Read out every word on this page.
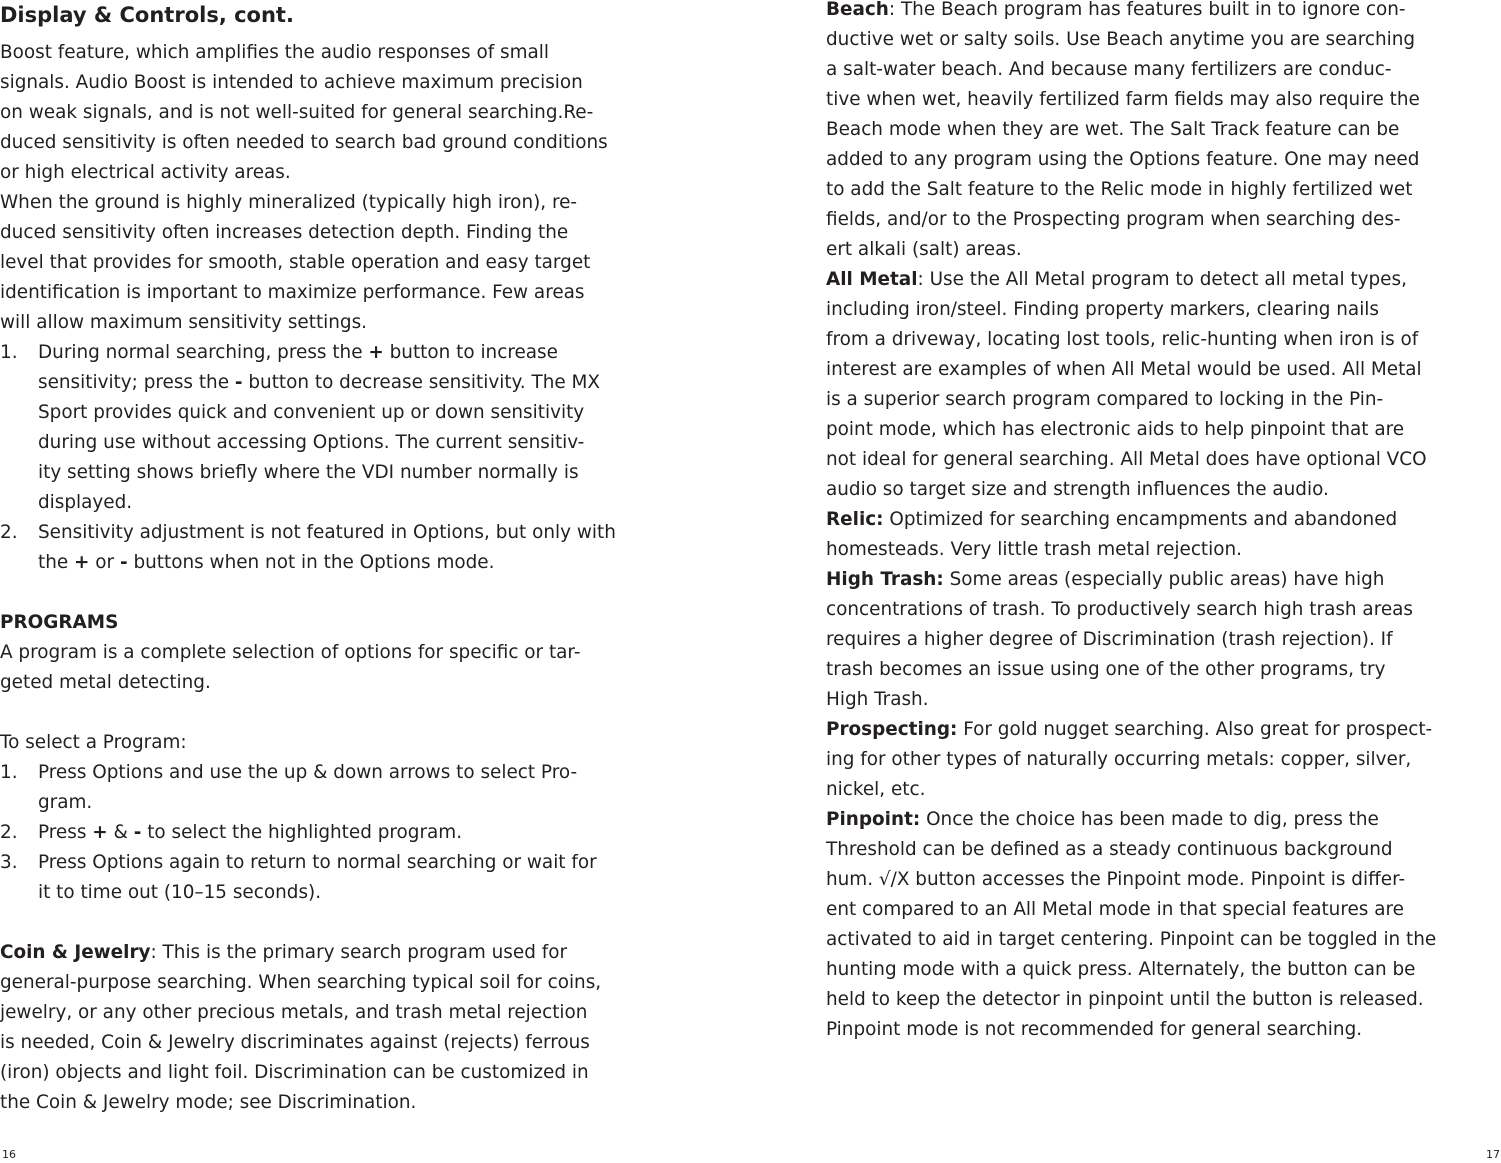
Display & Controls, cont.
Boost feature, which amplifies the audio responses of small
signals. Audio Boost is intended to achieve maximum precision
on weak signals, and is not well-suited for general searching.Re-
duced sensitivity is often needed to search bad ground conditions
or high electrical activity areas.
When the ground is highly mineralized (typically high iron), re-
duced sensitivity often increases detection depth. Finding the
level that provides for smooth, stable operation and easy target
identification is important to maximize performance. Few areas
will allow maximum sensitivity settings.
1. During normal searching, press the + button to increase
sensitivity; press the - button to decrease sensitivity. The MX
Sport provides quick and convenient up or down sensitivity
during use without accessing Options. The current sensitiv-
ity setting shows briefly where the VDI number normally is
displayed.
2. Sensitivity adjustment is not featured in Options, but only with
the + or - buttons when not in the Options mode.
PROGRAMS
A program is a complete selection of options for specific or tar-
geted metal detecting.
To select a Program:
1. Press Options and use the up & down arrows to select Pro-
gram.
2. Press + & - to select the highlighted program.
3. Press Options again to return to normal searching or wait for
it to time out (10–15 seconds).
Coin & Jewelry: This is the primary search program used for
general-purpose searching. When searching typical soil for coins,
jewelry, or any other precious metals, and trash metal rejection
is needed, Coin & Jewelry discriminates against (rejects) ferrous
(iron) objects and light foil. Discrimination can be customized in
the Coin & Jewelry mode; see Discrimination.
16
Beach: The Beach program has features built in to ignore con-
ductive wet or salty soils. Use Beach anytime you are searching
a salt-water beach. And because many fertilizers are conduc-
tive when wet, heavily fertilized farm fields may also require the
Beach mode when they are wet. The Salt Track feature can be
added to any program using the Options feature. One may need
to add the Salt feature to the Relic mode in highly fertilized wet
fields, and/or to the Prospecting program when searching des-
ert alkali (salt) areas.
All Metal: Use the All Metal program to detect all metal types,
including iron/steel. Finding property markers, clearing nails
from a driveway, locating lost tools, relic-hunting when iron is of
interest are examples of when All Metal would be used. All Metal
is a superior search program compared to locking in the Pin-
point mode, which has electronic aids to help pinpoint that are
not ideal for general searching. All Metal does have optional VCO
audio so target size and strength influences the audio.
Relic: Optimized for searching encampments and abandoned
homesteads. Very little trash metal rejection.
High Trash: Some areas (especially public areas) have high
concentrations of trash. To productively search high trash areas
requires a higher degree of Discrimination (trash rejection). If
trash becomes an issue using one of the other programs, try
High Trash.
Prospecting: For gold nugget searching. Also great for prospect-
ing for other types of naturally occurring metals: copper, silver,
nickel, etc.
Pinpoint: Once the choice has been made to dig, press the
Threshold can be defined as a steady continuous background
hum. √/X button accesses the Pinpoint mode. Pinpoint is differ-
ent compared to an All Metal mode in that special features are
activated to aid in target centering. Pinpoint can be toggled in the
hunting mode with a quick press. Alternately, the button can be
held to keep the detector in pinpoint until the button is released.
Pinpoint mode is not recommended for general searching.
17
